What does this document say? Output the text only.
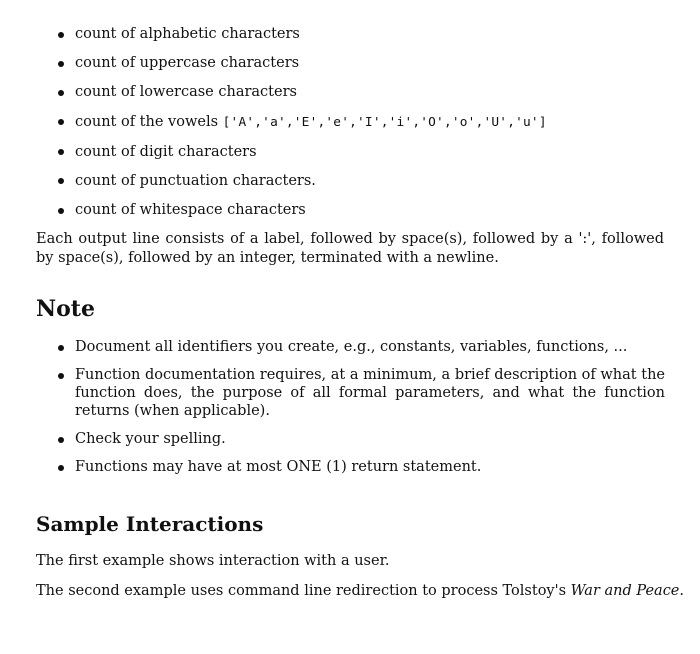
count of alphabetic characters
count of uppercase characters
count of lowercase characters
count of the vowels ['A','a','E','e','I','i','O','o','U','u']
count of digit characters
count of punctuation characters.
count of whitespace characters

Each output line consists of a label, followed by space(s), followed by a ':', followed by space(s), followed by an integer, terminated with a newline.

Note
Document all identifiers you create, e.g., constants, variables, functions, ...
Function documentation requires, at a minimum, a brief description of what the function does, the purpose of all formal parameters, and what the function returns (when applicable).
Check your spelling.
Functions may have at most ONE (1) return statement.
Sample Interactions

The first example shows interaction with a user.

The second example uses command line redirection to process Tolstoy's War and Peace.
